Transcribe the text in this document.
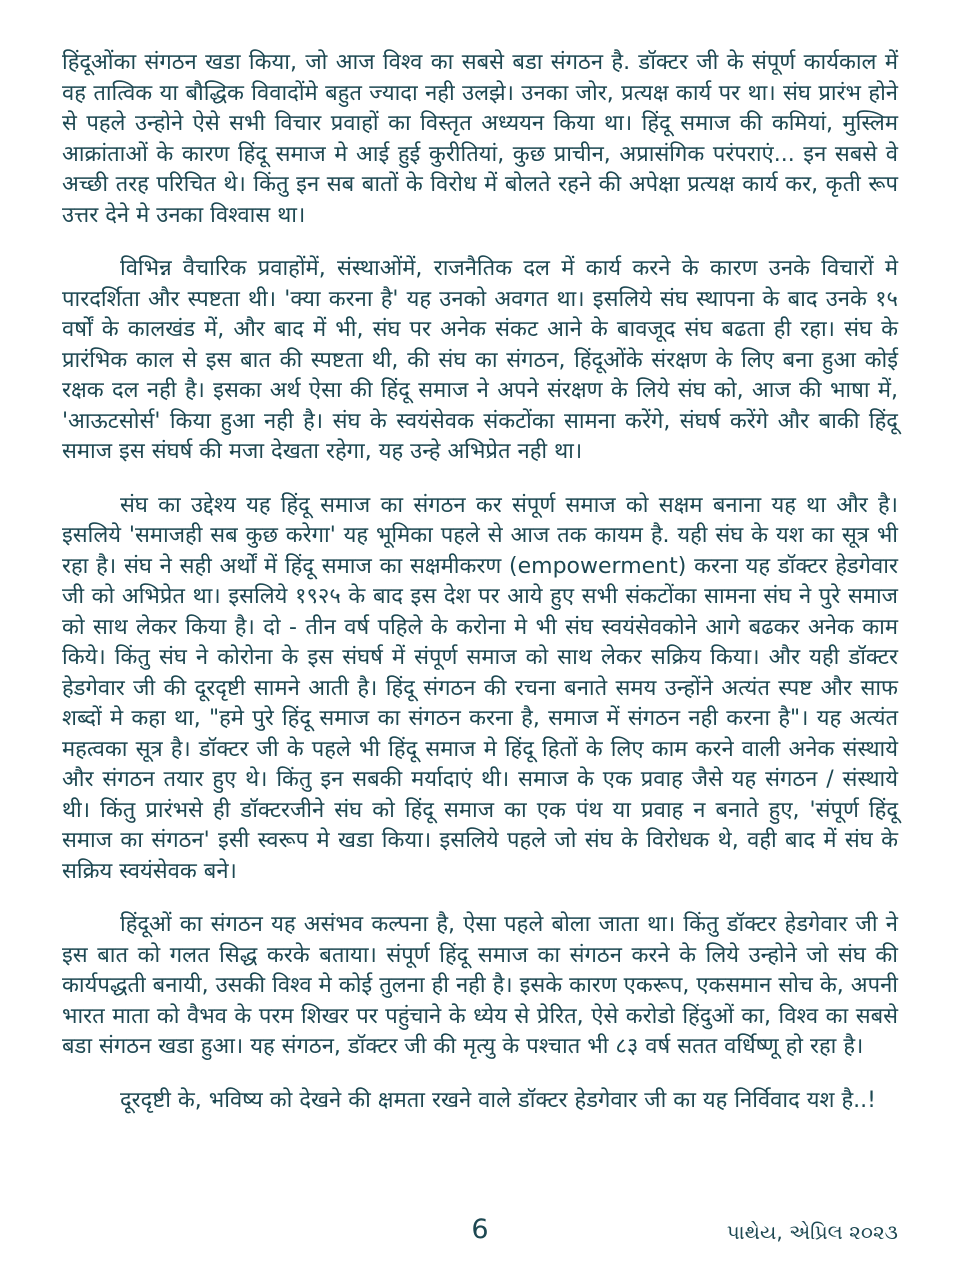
हिंदूओंका संगठन खडा किया, जो आज विश्व का सबसे बडा संगठन है. डॉक्टर जी के संपूर्ण कार्यकाल में वह तात्विक या बौद्धिक विवादोंमे बहुत ज्यादा नही उलझे। उनका जोर, प्रत्यक्ष कार्य पर था। संघ प्रारंभ होने से पहले उन्होने ऐसे सभी विचार प्रवाहों का विस्तृत अध्ययन किया था। हिंदू समाज की कमियां, मुस्लिम आक्रांताओं के कारण हिंदू समाज मे आई हुई कुरीतियां, कुछ प्राचीन, अप्रासंगिक परंपराएं... इन सबसे वे अच्छी तरह परिचित थे। किंतु इन सब बातों के विरोध में बोलते रहने की अपेक्षा प्रत्यक्ष कार्य कर, कृती रूप उत्तर देने मे उनका विश्वास था।

विभिन्न वैचारिक प्रवाहोंमें, संस्थाओंमें, राजनैतिक दल में कार्य करने के कारण उनके विचारों मे पारदर्शिता और स्पष्टता थी। 'क्या करना है' यह उनको अवगत था। इसलिये संघ स्थापना के बाद उनके १५ वर्षों के कालखंड में, और बाद में भी, संघ पर अनेक संकट आने के बावजूद संघ बढता ही रहा। संघ के प्रारंभिक काल से इस बात की स्पष्टता थी, की संघ का संगठन, हिंदूओंके संरक्षण के लिए बना हुआ कोई रक्षक दल नही है। इसका अर्थ ऐसा की हिंदू समाज ने अपने संरक्षण के लिये संघ को, आज की भाषा में, 'आऊटसोर्स' किया हुआ नही है। संघ के स्वयंसेवक संकटोंका सामना करेंगे, संघर्ष करेंगे और बाकी हिंदू समाज इस संघर्ष की मजा देखता रहेगा, यह उन्हे अभिप्रेत नही था।

संघ का उद्देश्य यह हिंदू समाज का संगठन कर संपूर्ण समाज को सक्षम बनाना यह था और है। इसलिये 'समाजही सब कुछ करेगा' यह भूमिका पहले से आज तक कायम है. यही संघ के यश का सूत्र भी रहा है। संघ ने सही अर्थों में हिंदू समाज का सक्षमीकरण (empowerment) करना यह डॉक्टर हेडगेवार जी को अभिप्रेत था। इसलिये १९२५ के बाद इस देश पर आये हुए सभी संकटोंका सामना संघ ने पुरे समाज को साथ लेकर किया है। दो - तीन वर्ष पहिले के करोना मे भी संघ स्वयंसेवकोने आगे बढकर अनेक काम किये। किंतु संघ ने कोरोना के इस संघर्ष में संपूर्ण समाज को साथ लेकर सक्रिय किया। और यही डॉक्टर हेडगेवार जी की दूरदृष्टी सामने आती है। हिंदू संगठन की रचना बनाते समय उन्होंने अत्यंत स्पष्ट और साफ शब्दों मे कहा था, "हमे पुरे हिंदू समाज का संगठन करना है, समाज में संगठन नही करना है"। यह अत्यंत महत्वका सूत्र है। डॉक्टर जी के पहले भी हिंदू समाज मे हिंदू हितों के लिए काम करने वाली अनेक संस्थाये और संगठन तयार हुए थे। किंतु इन सबकी मर्यादाएं थी। समाज के एक प्रवाह जैसे यह संगठन / संस्थाये थी। किंतु प्रारंभसे ही डॉक्टरजीने संघ को हिंदू समाज का एक पंथ या प्रवाह न बनाते हुए, 'संपूर्ण हिंदू समाज का संगठन' इसी स्वरूप मे खडा किया। इसलिये पहले जो संघ के विरोधक थे, वही बाद में संघ के सक्रिय स्वयंसेवक बने।

हिंदूओं का संगठन यह असंभव कल्पना है, ऐसा पहले बोला जाता था। किंतु डॉक्टर हेडगेवार जी ने इस बात को गलत सिद्ध करके बताया। संपूर्ण हिंदू समाज का संगठन करने के लिये उन्होने जो संघ की कार्यपद्धती बनायी, उसकी विश्व मे कोई तुलना ही नही है। इसके कारण एकरूप, एकसमान सोच के, अपनी भारत माता को वैभव के परम शिखर पर पहुंचाने के ध्येय से प्रेरित, ऐसे करोडो हिंदुओं का, विश्व का सबसे बडा संगठन खडा हुआ। यह संगठन, डॉक्टर जी की मृत्यु के पश्चात भी ८३ वर्ष सतत वर्धिष्णू हो रहा है।

दूरदृष्टी के, भविष्य को देखने की क्षमता रखने वाले डॉक्टर हेडगेवार जी का यह निर्विवाद यश है..!

6	પાથેય, એપ્રિલ ૨૦૨૩
